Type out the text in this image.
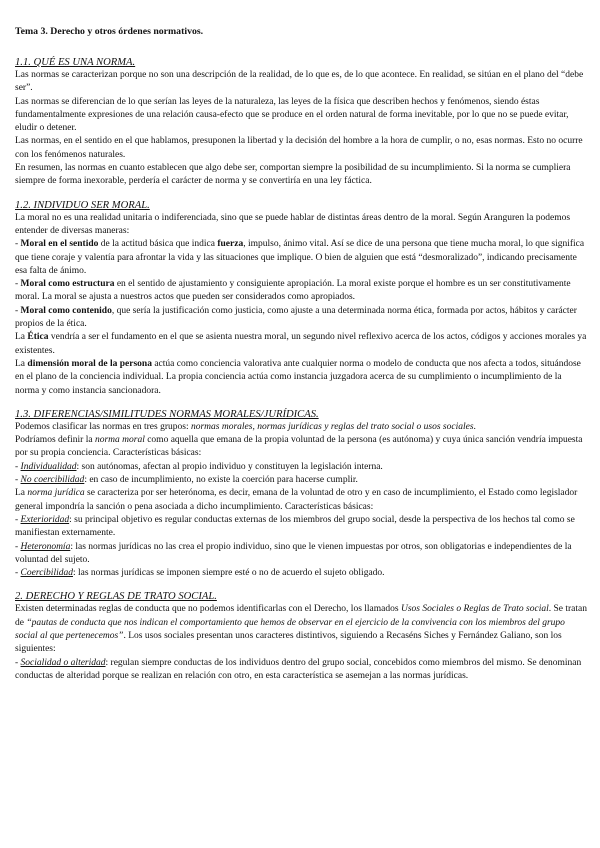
Tema 3. Derecho y otros órdenes normativos.
1.1. QUÉ ES UNA NORMA.

Las normas se caracterizan porque no son una descripción de la realidad, de lo que es, de lo que acontece. En realidad, se sitúan en el plano del “debe ser”.

Las normas se diferencian de lo que serían las leyes de la naturaleza, las leyes de la física que describen hechos y fenómenos, siendo éstas fundamentalmente expresiones de una relación causa-efecto que se produce en el orden natural de forma inevitable, por lo que no se puede evitar, eludir o detener.

Las normas, en el sentido en el que hablamos, presuponen la libertad y la decisión del hombre a la hora de cumplir, o no, esas normas. Esto no ocurre con los fenómenos naturales.

En resumen, las normas en cuanto establecen que algo debe ser, comportan siempre la posibilidad de su incumplimiento. Si la norma se cumpliera siempre de forma inexorable, perdería el carácter de norma y se convertiría en una ley fáctica.

1.2. INDIVIDUO SER MORAL.

La moral no es una realidad unitaria o indiferenciada, sino que se puede hablar de distintas áreas dentro de la moral. Según Aranguren la podemos entender de diversas maneras:

- Moral en el sentido de la actitud básica que indica fuerza, impulso, ánimo vital. Así se dice de una persona que tiene mucha moral, lo que significa que tiene coraje y valentía para afrontar la vida y las situaciones que implique. O bien de alguien que está “desmoralizado”, indicando precisamente esa falta de ánimo.

- Moral como estructura en el sentido de ajustamiento y consiguiente apropiación. La moral existe porque el hombre es un ser constitutivamente moral. La moral se ajusta a nuestros actos que pueden ser considerados como apropiados.

- Moral como contenido, que sería la justificación como justicia, como ajuste a una determinada norma ética, formada por actos, hábitos y carácter propios de la ética.

La Ética vendría a ser el fundamento en el que se asienta nuestra moral, un segundo nivel reflexivo acerca de los actos, códigos y acciones morales ya existentes.

La dimensión moral de la persona actúa como conciencia valorativa ante cualquier norma o modelo de conducta que nos afecta a todos, situándose en el plano de la conciencia individual. La propia conciencia actúa como instancia juzgadora acerca de su cumplimiento o incumplimiento de la norma y como instancia sancionadora.

1.3. DIFERENCIAS/SIMILITUDES NORMAS MORALES/JURÍDICAS.

Podemos clasificar las normas en tres grupos: normas morales, normas jurídicas y reglas del trato social o usos sociales.

Podríamos definir la norma moral como aquella que emana de la propia voluntad de la persona (es autónoma) y cuya única sanción vendría impuesta por su propia conciencia. Características básicas:

- Individualidad: son autónomas, afectan al propio individuo y constituyen la legislación interna.

- No coercibilidad: en caso de incumplimiento, no existe la coerción para hacerse cumplir.

La norma jurídica se caracteriza por ser heterónoma, es decir, emana de la voluntad de otro y en caso de incumplimiento, el Estado como legislador general impondría la sanción o pena asociada a dicho incumplimiento. Características básicas:

- Exterioridad: su principal objetivo es regular conductas externas de los miembros del grupo social, desde la perspectiva de los hechos tal como se manifiestan externamente.

- Heteronomía: las normas jurídicas no las crea el propio individuo, sino que le vienen impuestas por otros, son obligatorias e independientes de la voluntad del sujeto.

- Coercibilidad: las normas jurídicas se imponen siempre esté o no de acuerdo el sujeto obligado.

2. DERECHO Y REGLAS DE TRATO SOCIAL.

Existen determinadas reglas de conducta que no podemos identificarlas con el Derecho, los llamados Usos Sociales o Reglas de Trato social. Se tratan de “pautas de conducta que nos indican el comportamiento que hemos de observar en el ejercicio de la convivencia con los miembros del grupo social al que pertenecemos”. Los usos sociales presentan unos caracteres distintivos, siguiendo a Recaséns Siches y Fernández Galiano, son los siguientes:

- Socialidad o alteridad: regulan siempre conductas de los individuos dentro del grupo social, concebidos como miembros del mismo. Se denominan conductas de alteridad porque se realizan en relación con otro, en esta característica se asemejan a las normas jurídicas.
